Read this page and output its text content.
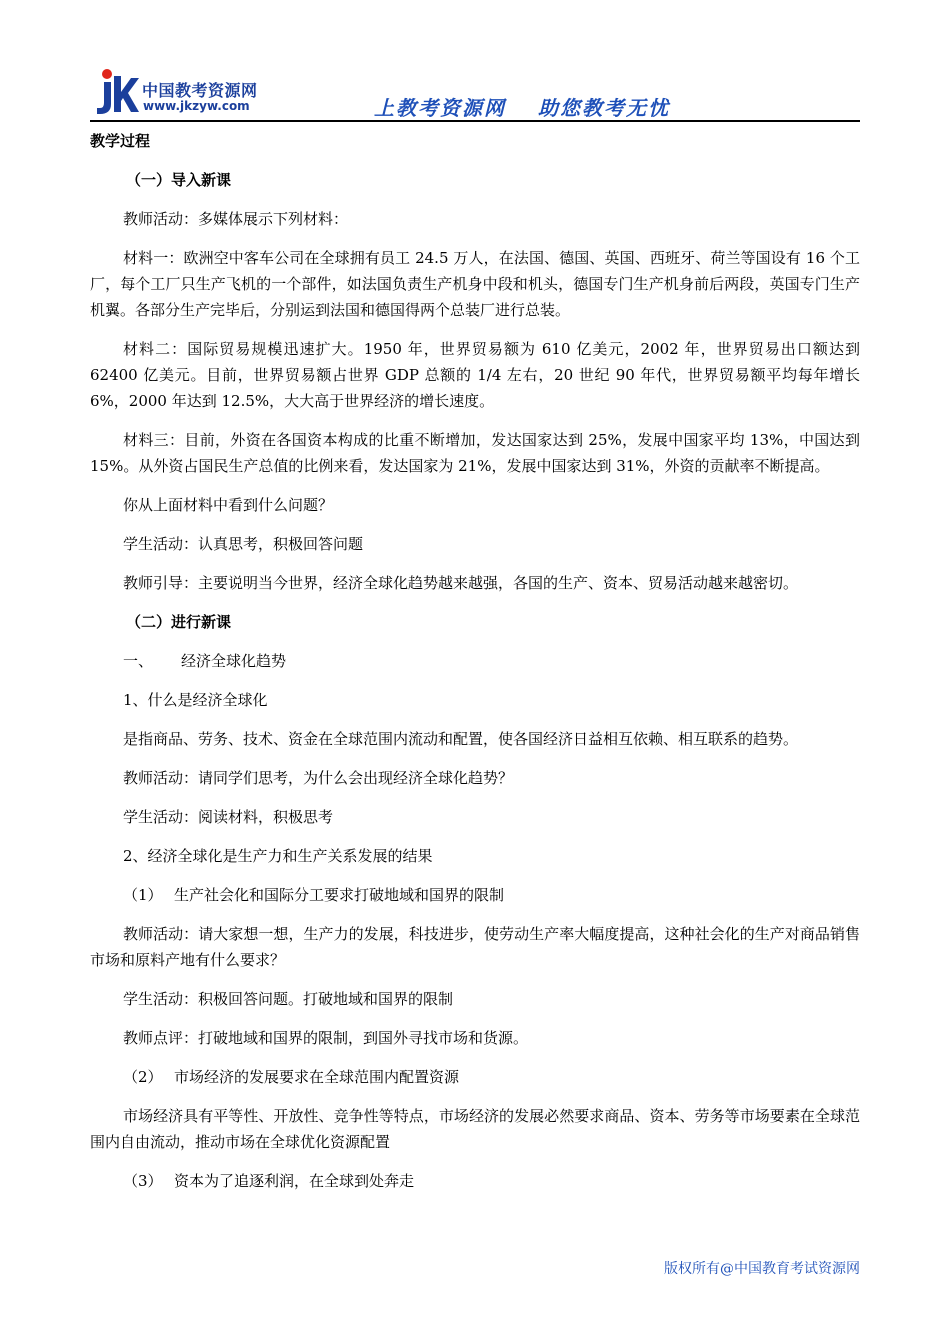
中国教考资源网
www.jkzyw.com	上教考资源网 助您教考无忧

教学过程

（一）导入新课

教师活动：多媒体展示下列材料：

材料一：欧洲空中客车公司在全球拥有员工 24.5 万人，在法国、德国、英国、西班牙、荷兰等国设有 16 个工厂，每个工厂只生产飞机的一个部件，如法国负责生产机身中段和机头，德国专门生产机身前后两段，英国专门生产机翼。各部分生产完毕后，分别运到法国和德国得两个总装厂进行总装。

材料二：国际贸易规模迅速扩大。1950 年，世界贸易额为 610 亿美元，2002 年，世界贸易出口额达到 62400 亿美元。目前，世界贸易额占世界 GDP 总额的 1/4 左右，20 世纪 90 年代，世界贸易额平均每年增长 6%，2000 年达到 12.5%，大大高于世界经济的增长速度。

材料三：目前，外资在各国资本构成的比重不断增加，发达国家达到 25%，发展中国家平均 13%，中国达到 15%。从外资占国民生产总值的比例来看，发达国家为 21%，发展中国家达到 31%，外资的贡献率不断提高。

你从上面材料中看到什么问题？

学生活动：认真思考，积极回答问题

教师引导：主要说明当今世界，经济全球化趋势越来越强，各国的生产、资本、贸易活动越来越密切。

（二）进行新课

一、 经济全球化趋势

1、什么是经济全球化

是指商品、劳务、技术、资金在全球范围内流动和配置，使各国经济日益相互依赖、相互联系的趋势。

教师活动：请同学们思考，为什么会出现经济全球化趋势？

学生活动：阅读材料，积极思考

2、经济全球化是生产力和生产关系发展的结果

（1） 生产社会化和国际分工要求打破地域和国界的限制

教师活动：请大家想一想，生产力的发展，科技进步，使劳动生产率大幅度提高，这种社会化的生产对商品销售市场和原料产地有什么要求？

学生活动：积极回答问题。打破地域和国界的限制

教师点评：打破地域和国界的限制，到国外寻找市场和货源。

（2） 市场经济的发展要求在全球范围内配置资源

市场经济具有平等性、开放性、竞争性等特点，市场经济的发展必然要求商品、资本、劳务等市场要素在全球范围内自由流动，推动市场在全球优化资源配置

（3） 资本为了追逐利润，在全球到处奔走

版权所有@中国教育考试资源网
